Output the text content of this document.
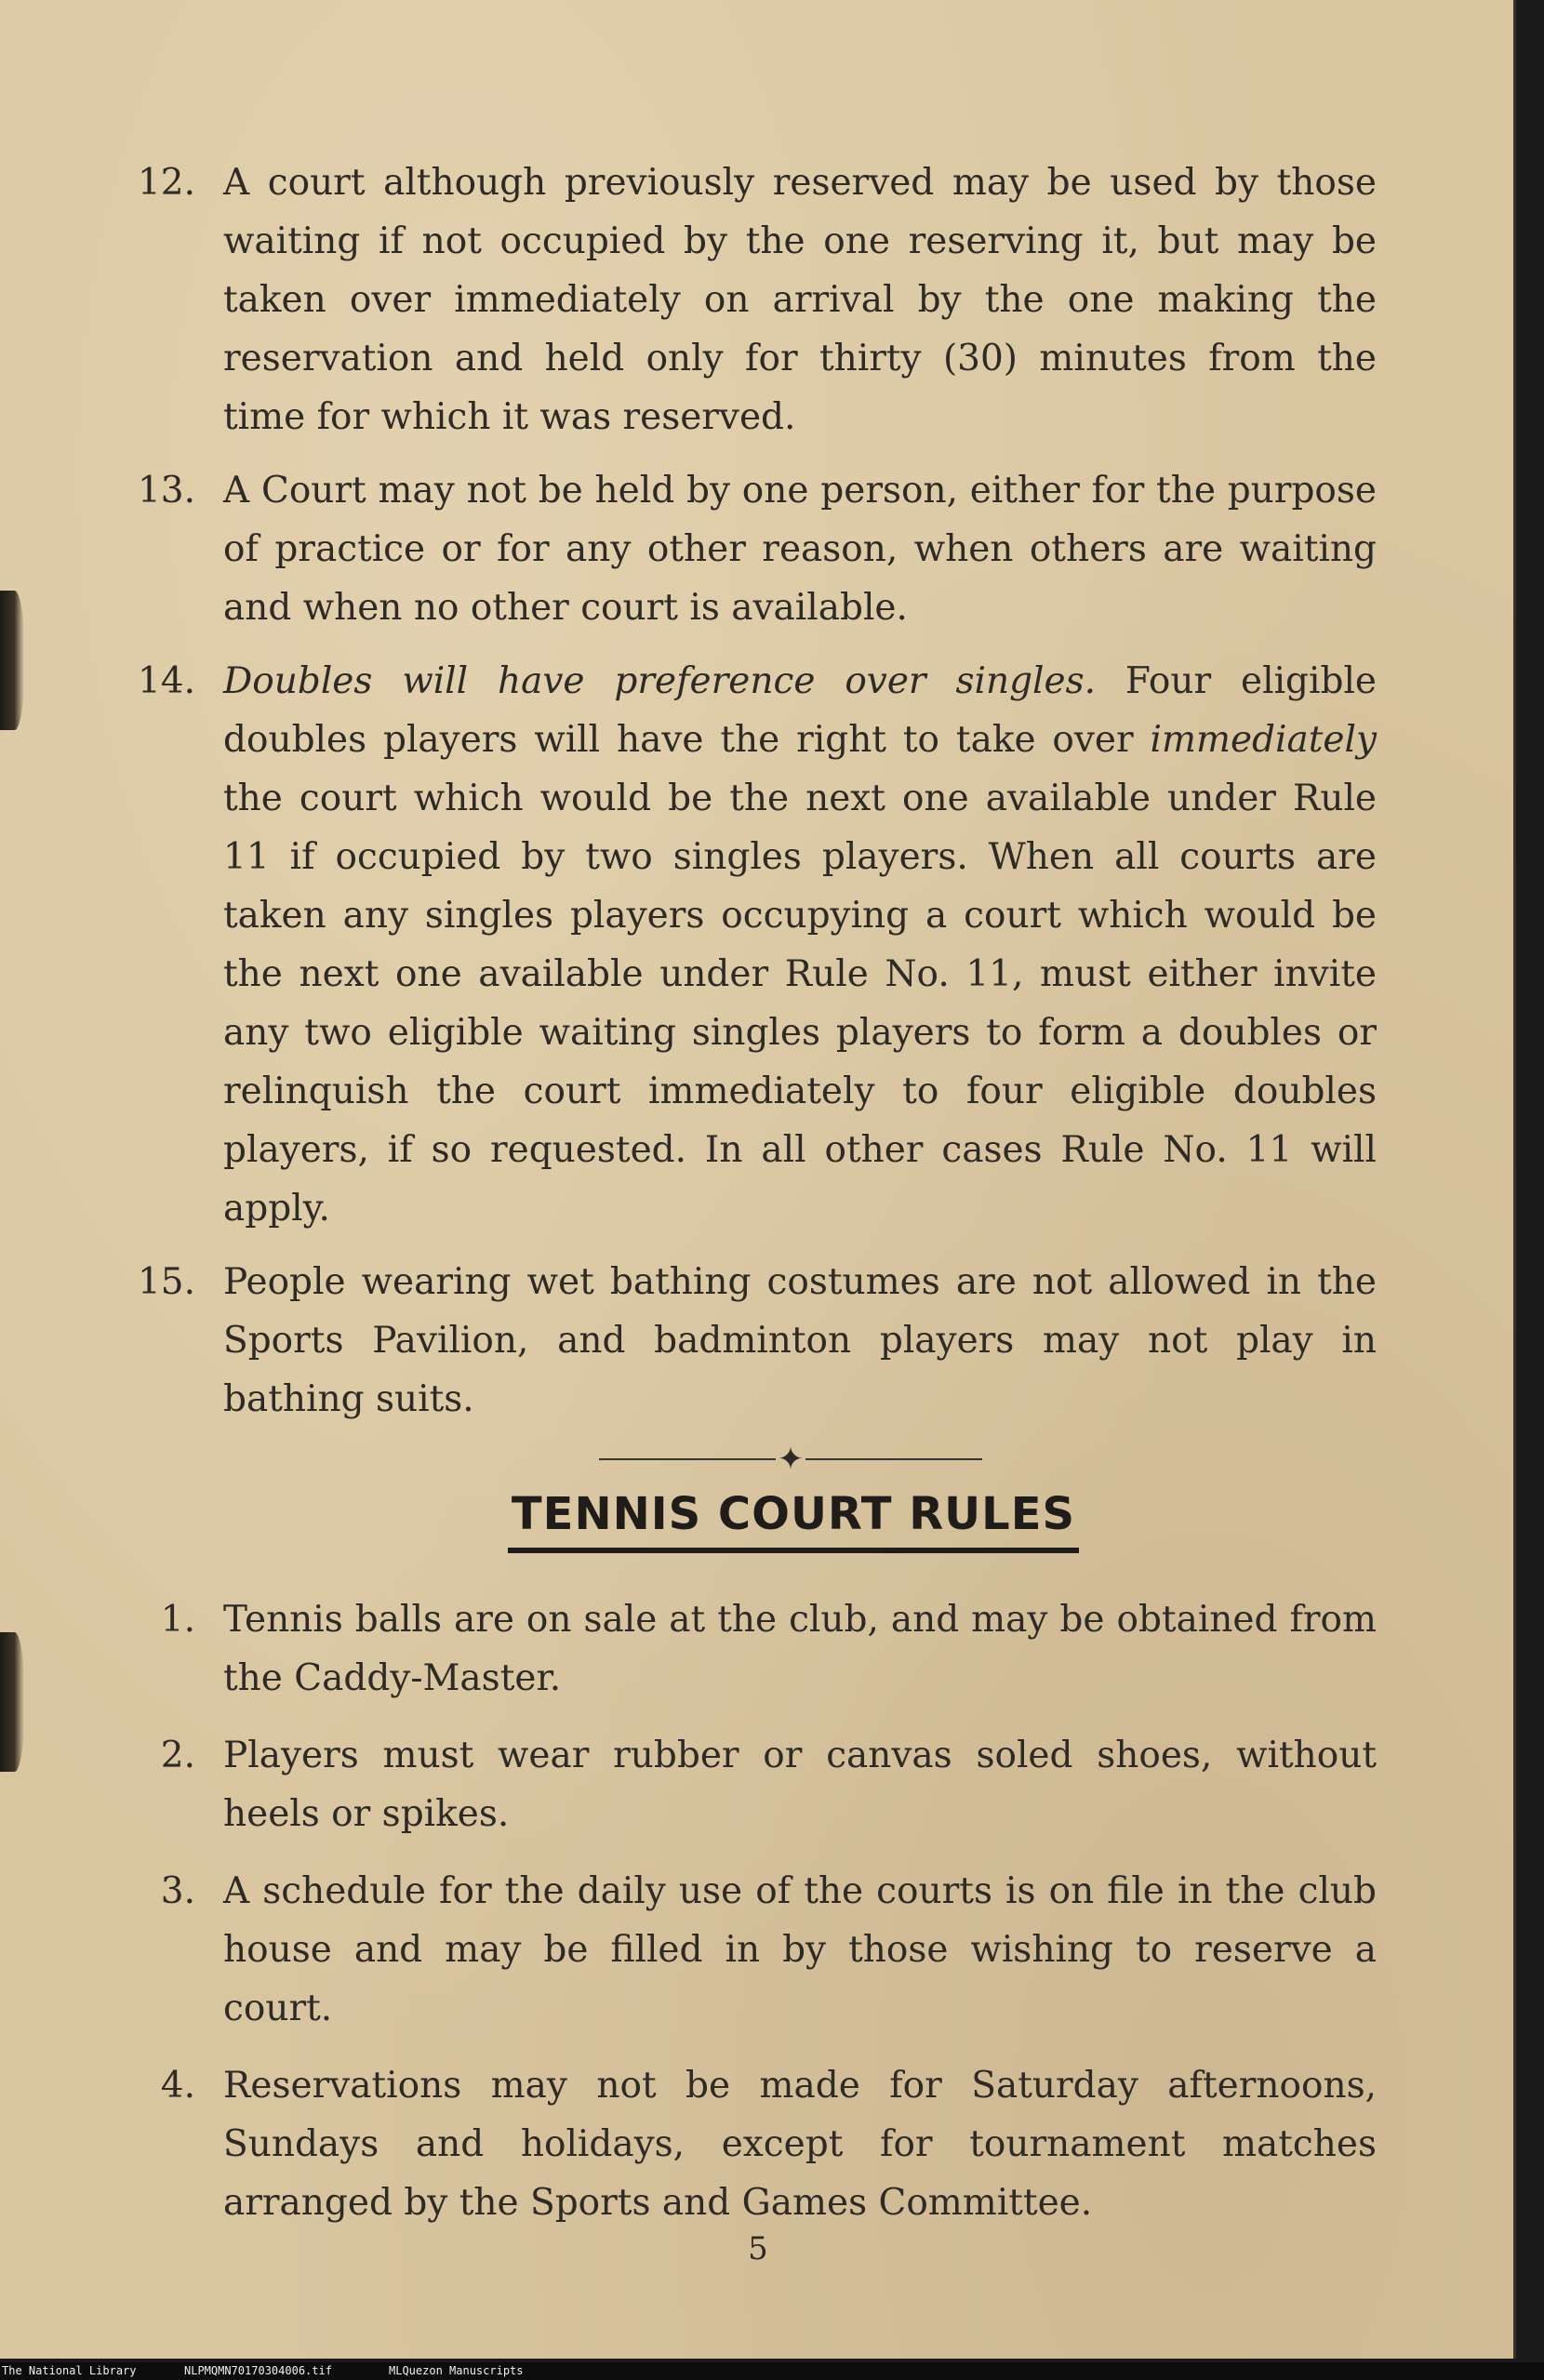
12. A court although previously reserved may be used by those waiting if not occupied by the one reserving it, but may be taken over immediately on arrival by the one making the reservation and held only for thirty (30) minutes from the time for which it was reserved.
13. A Court may not be held by one person, either for the purpose of practice or for any other reason, when others are waiting and when no other court is available.
14. Doubles will have preference over singles. Four eligible doubles players will have the right to take over immediately the court which would be the next one available under Rule 11 if occupied by two singles players. When all courts are taken any singles players occupying a court which would be the next one available under Rule No. 11, must either invite any two eligible waiting singles players to form a doubles or relinquish the court immediately to four eligible doubles players, if so requested. In all other cases Rule No. 11 will apply.
15. People wearing wet bathing costumes are not allowed in the Sports Pavilion, and badminton players may not play in bathing suits.
✦
TENNIS COURT RULES
1. Tennis balls are on sale at the club, and may be obtained from the Caddy-Master.
2. Players must wear rubber or canvas soled shoes, without heels or spikes.
3. A schedule for the daily use of the courts is on file in the club house and may be filled in by those wishing to reserve a court.
4. Reservations may not be made for Saturday afternoons, Sundays and holidays, except for tournament matches arranged by the Sports and Games Committee.
5
The National Library	NLPMQMN70170304006.tif	MLQuezon Manuscripts
